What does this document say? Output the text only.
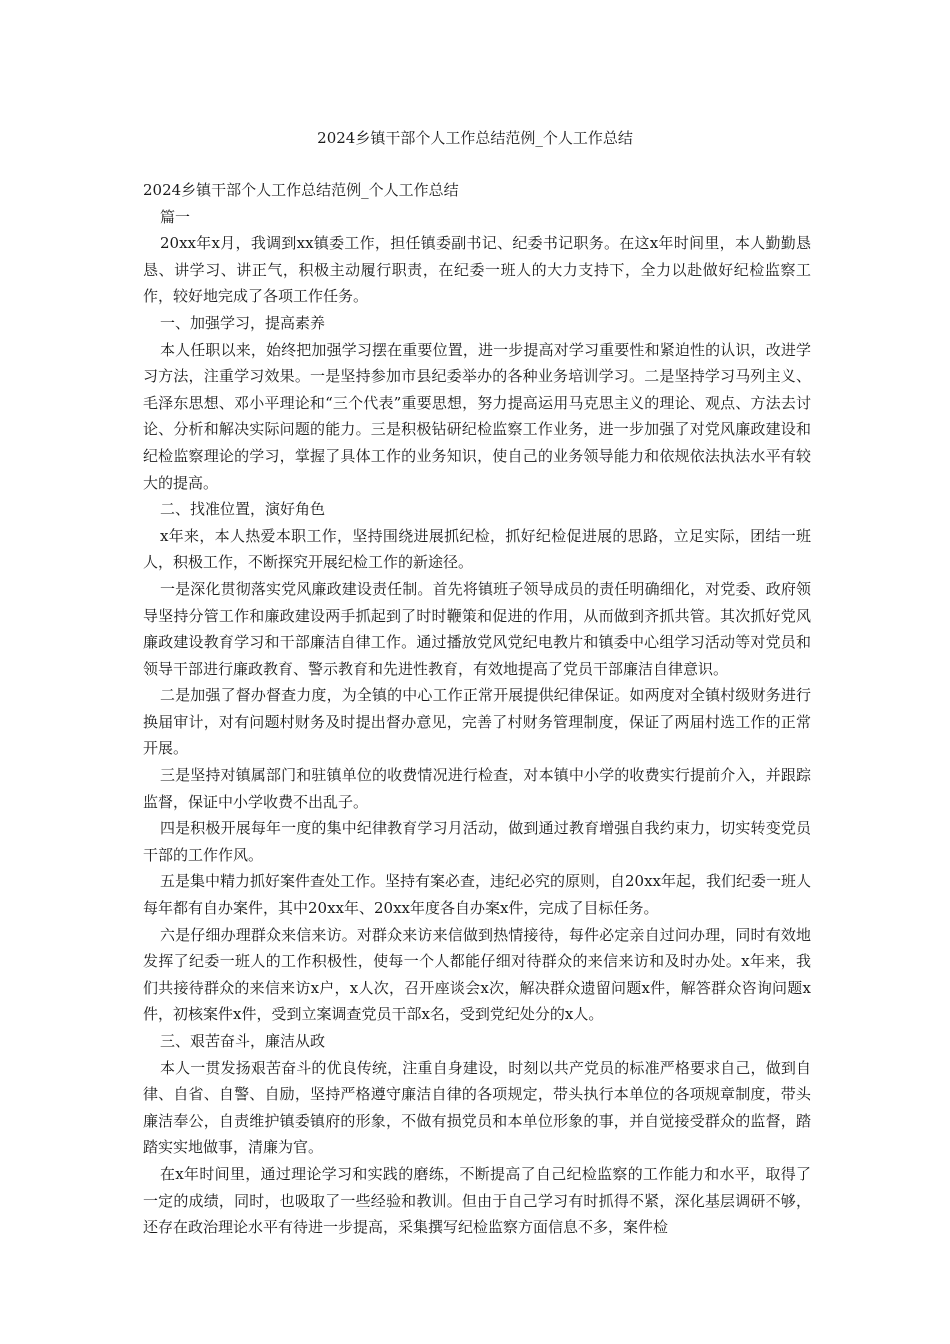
2024乡镇干部个人工作总结范例_个人工作总结

2024乡镇干部个人工作总结范例_个人工作总结

篇一

20xx年x月，我调到xx镇委工作，担任镇委副书记、纪委书记职务。在这x年时间里，本人勤勤恳恳、讲学习、讲正气，积极主动履行职责，在纪委一班人的大力支持下，全力以赴做好纪检监察工作，较好地完成了各项工作任务。

一、加强学习，提高素养

本人任职以来，始终把加强学习摆在重要位置，进一步提高对学习重要性和紧迫性的认识，改进学习方法，注重学习效果。一是坚持参加市县纪委举办的各种业务培训学习。二是坚持学习马列主义、毛泽东思想、邓小平理论和“三个代表”重要思想，努力提高运用马克思主义的理论、观点、方法去讨论、分析和解决实际问题的能力。三是积极钻研纪检监察工作业务，进一步加强了对党风廉政建设和纪检监察理论的学习，掌握了具体工作的业务知识，使自己的业务领导能力和依规依法执法水平有较大的提高。

二、找准位置，演好角色

x年来，本人热爱本职工作，坚持围绕进展抓纪检，抓好纪检促进展的思路，立足实际，团结一班人，积极工作，不断探究开展纪检工作的新途径。

一是深化贯彻落实党风廉政建设责任制。首先将镇班子领导成员的责任明确细化，对党委、政府领导坚持分管工作和廉政建设两手抓起到了时时鞭策和促进的作用，从而做到齐抓共管。其次抓好党风廉政建设教育学习和干部廉洁自律工作。通过播放党风党纪电教片和镇委中心组学习活动等对党员和领导干部进行廉政教育、警示教育和先进性教育，有效地提高了党员干部廉洁自律意识。

二是加强了督办督查力度，为全镇的中心工作正常开展提供纪律保证。如两度对全镇村级财务进行换届审计，对有问题村财务及时提出督办意见，完善了村财务管理制度，保证了两届村选工作的正常开展。

三是坚持对镇属部门和驻镇单位的收费情况进行检查，对本镇中小学的收费实行提前介入，并跟踪监督，保证中小学收费不出乱子。

四是积极开展每年一度的集中纪律教育学习月活动，做到通过教育增强自我约束力，切实转变党员干部的工作作风。

五是集中精力抓好案件查处工作。坚持有案必查，违纪必究的原则，自20xx年起，我们纪委一班人每年都有自办案件，其中20xx年、20xx年度各自办案x件，完成了目标任务。

六是仔细办理群众来信来访。对群众来访来信做到热情接待，每件必定亲自过问办理，同时有效地发挥了纪委一班人的工作积极性，使每一个人都能仔细对待群众的来信来访和及时办处。x年来，我们共接待群众的来信来访x户，x人次，召开座谈会x次，解决群众遗留问题x件，解答群众咨询问题x件，初核案件x件，受到立案调查党员干部x名，受到党纪处分的x人。

三、艰苦奋斗，廉洁从政

本人一贯发扬艰苦奋斗的优良传统，注重自身建设，时刻以共产党员的标准严格要求自己，做到自律、自省、自警、自励，坚持严格遵守廉洁自律的各项规定，带头执行本单位的各项规章制度，带头廉洁奉公，自责维护镇委镇府的形象，不做有损党员和本单位形象的事，并自觉接受群众的监督，踏踏实实地做事，清廉为官。

在x年时间里，通过理论学习和实践的磨练，不断提高了自己纪检监察的工作能力和水平，取得了一定的成绩，同时，也吸取了一些经验和教训。但由于自己学习有时抓得不紧，深化基层调研不够，还存在政治理论水平有待进一步提高，采集撰写纪检监察方面信息不多，案件检
